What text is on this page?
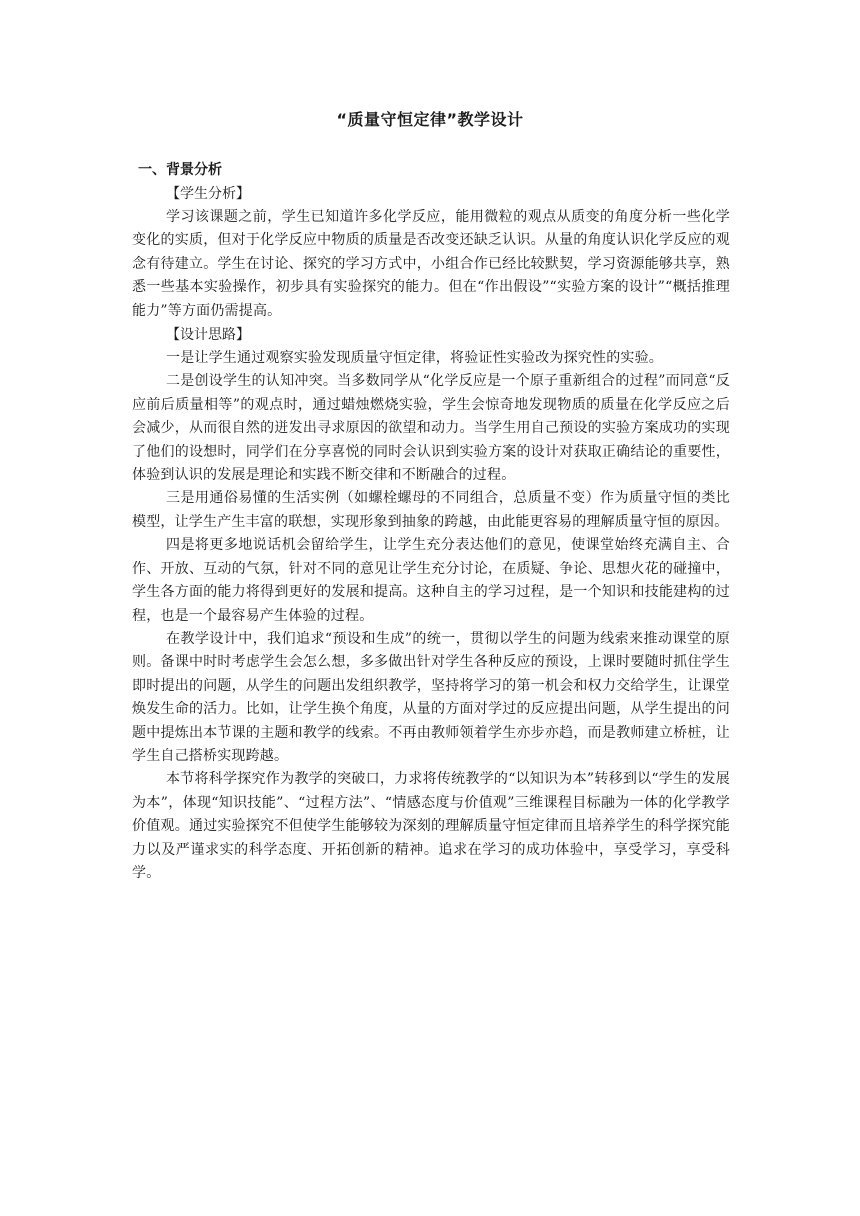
“质量守恒定律”教学设计
一、背景分析
【学生分析】

学习该课题之前，学生已知道许多化学反应，能用微粒的观点从质变的角度分析一些化学变化的实质，但对于化学反应中物质的质量是否改变还缺乏认识。从量的角度认识化学反应的观念有待建立。学生在讨论、探究的学习方式中，小组合作已经比较默契，学习资源能够共享，熟悉一些基本实验操作，初步具有实验探究的能力。但在“作出假设”“实验方案的设计”“概括推理能力”等方面仍需提高。

【设计思路】

一是让学生通过观察实验发现质量守恒定律，将验证性实验改为探究性的实验。

二是创设学生的认知冲突。当多数同学从“化学反应是一个原子重新组合的过程”而同意“反应前后质量相等”的观点时，通过蜡烛燃烧实验，学生会惊奇地发现物质的质量在化学反应之后会减少，从而很自然的迸发出寻求原因的欲望和动力。当学生用自己预设的实验方案成功的实现了他们的设想时，同学们在分享喜悦的同时会认识到实验方案的设计对获取正确结论的重要性，体验到认识的发展是理论和实践不断交律和不断融合的过程。

三是用通俗易懂的生活实例（如螺栓螺母的不同组合，总质量不变）作为质量守恒的类比模型，让学生产生丰富的联想，实现形象到抽象的跨越，由此能更容易的理解质量守恒的原因。

四是将更多地说话机会留给学生，让学生充分表达他们的意见，使课堂始终充满自主、合作、开放、互动的气氛，针对不同的意见让学生充分讨论，在质疑、争论、思想火花的碰撞中，学生各方面的能力将得到更好的发展和提高。这种自主的学习过程，是一个知识和技能建构的过程，也是一个最容易产生体验的过程。

在教学设计中，我们追求“预设和生成”的统一，贯彻以学生的问题为线索来推动课堂的原则。备课中时时考虑学生会怎么想，多多做出针对学生各种反应的预设，上课时要随时抓住学生即时提出的问题，从学生的问题出发组织教学，坚持将学习的第一机会和权力交给学生，让课堂焕发生命的活力。比如，让学生换个角度，从量的方面对学过的反应提出问题，从学生提出的问题中提炼出本节课的主题和教学的线索。不再由教师领着学生亦步亦趋，而是教师建立桥桩，让学生自己搭桥实现跨越。

本节将科学探究作为教学的突破口，力求将传统教学的“以知识为本”转移到以“学生的发展为本”，体现“知识技能”、“过程方法”、“情感态度与价值观”三维课程目标融为一体的化学教学价值观。通过实验探究不但使学生能够较为深刻的理解质量守恒定律而且培养学生的科学探究能力以及严谨求实的科学态度、开拓创新的精神。追求在学习的成功体验中，享受学习，享受科学。
